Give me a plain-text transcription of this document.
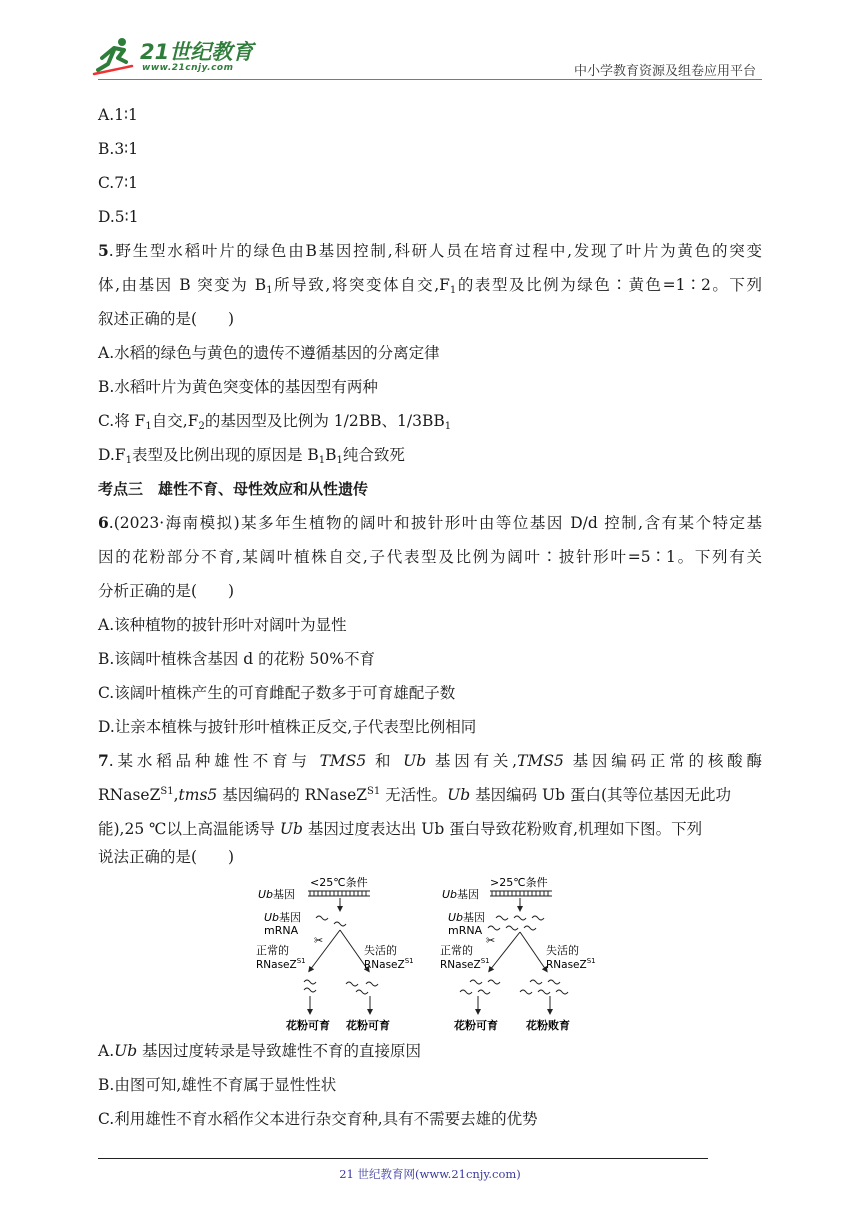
21世纪教育
www.21cnjy.com	中小学教育资源及组卷应用平台
A.1∶1
B.3∶1
C.7∶1
D.5∶1
5.野生型水稻叶片的绿色由B基因控制,科研人员在培育过程中,发现了叶片为黄色的突变
体,由基因 B 突变为 $B_1$所导致,将突变体自交$,F_1$的表型及比例为绿色∶黄色=1∶2。下列
叙述正确的是(　　)
A.水稻的绿色与黄色的遗传不遵循基因的分离定律
B.水稻叶片为黄色突变体的基因型有两种
C.将 $F_1$自交$,F_2$的基因型及比例为 1/2BB、$1/3BB_1$
$D.F_1$表型及比例出现的原因是 $B_1B_1$纯合致死
考点三　雄性不育、母性效应和从性遗传
6.(2023·海南模拟)某多年生植物的阔叶和披针形叶由等位基因 D/d 控制,含有某个特定基
因的花粉部分不育,某阔叶植株自交,子代表型及比例为阔叶∶披针形叶=5∶1。下列有关
分析正确的是(　　)
A.该种植物的披针形叶对阔叶为显性
B.该阔叶植株含基因 d 的花粉 50%不育
C.该阔叶植株产生的可育雌配子数多于可育雄配子数
D.让亲本植株与披针形叶植株正反交,子代表型比例相同
7.某水稻品种雄性不育与 TMS5 和 Ub 基因有关,TMS5 基因编码正常的核酸酶
RNaseZ$^{S1}$,tms5 基因编码的 RNaseZ$^{S1}$ 无活性。Ub 基因编码 Ub 蛋白(其等位基因无此功
能),25 ℃以上高温能诱导 Ub 基因过度表达出 Ub 蛋白导致花粉败育,机理如下图。下列
说法正确的是(　　)
<25℃条件
Ub基因
Ub基因
mRNA
✂
正常的
RNaseZ$^{S1}$
失活的
RNaseZ$^{S1}$
花粉可育 花粉可育
>25℃条件
Ub基因
Ub基因
mRNA
✂
正常的
RNaseZ$^{S1}$
失活的
RNaseZ$^{S1}$
花粉可育	花粉败育
A.Ub 基因过度转录是导致雄性不育的直接原因
B.由图可知,雄性不育属于显性性状
C.利用雄性不育水稻作父本进行杂交育种,具有不需要去雄的优势
21 世纪教育网(www.21cnjy.com)
